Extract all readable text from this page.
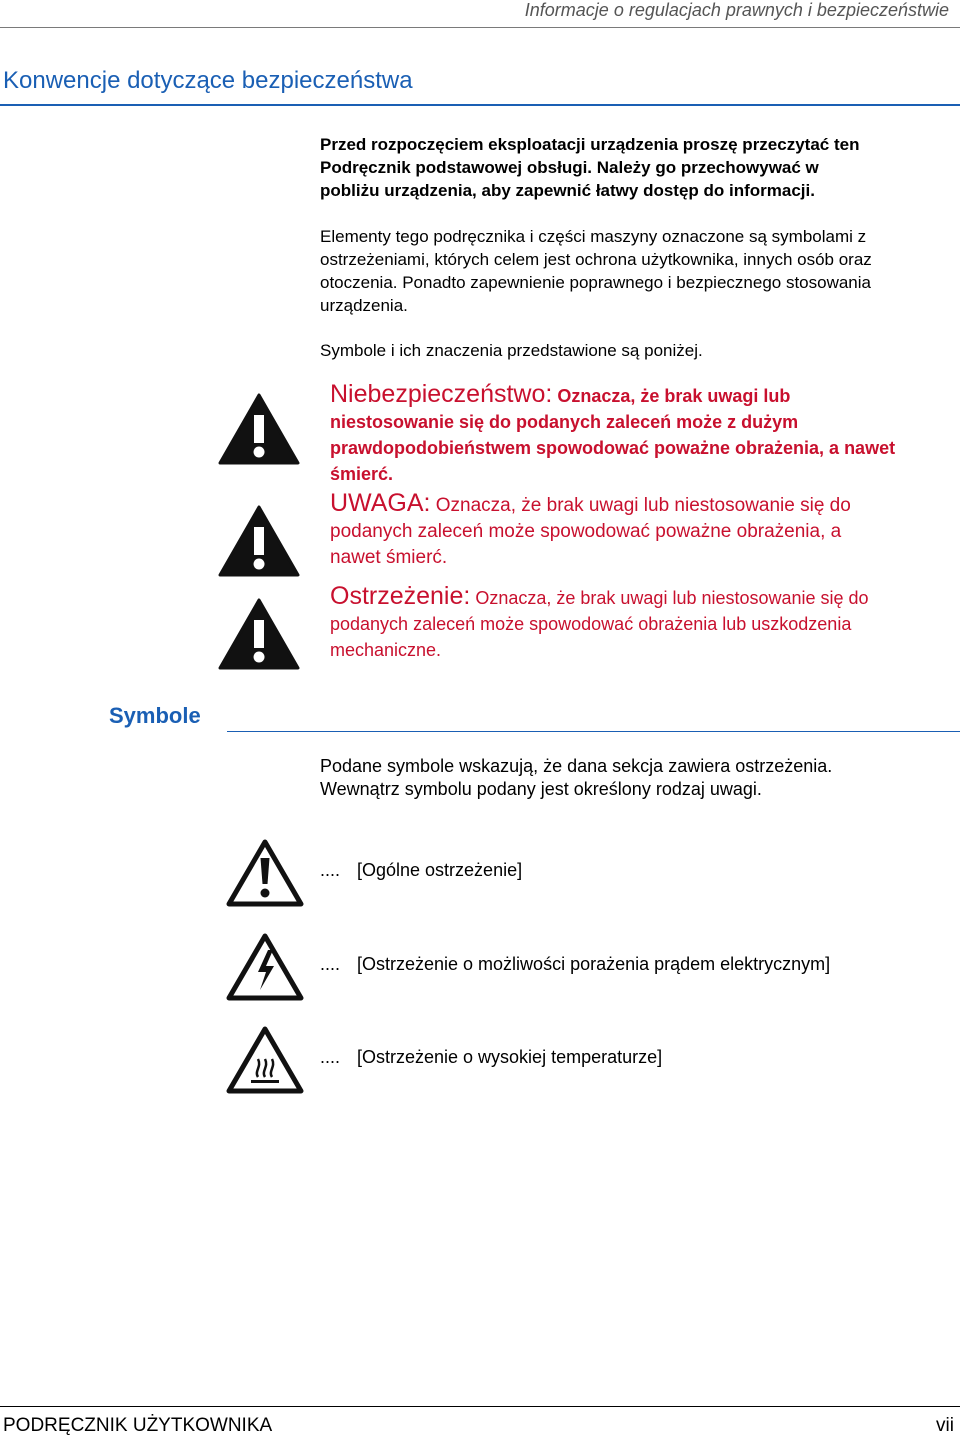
Informacje o regulacjach prawnych i bezpieczeństwie
Konwencje dotyczące bezpieczeństwa
Przed rozpoczęciem eksploatacji urządzenia proszę przeczytać ten
Podręcznik podstawowej obsługi. Należy go przechowywać w
pobliżu urządzenia, aby zapewnić łatwy dostęp do informacji.
Elementy tego podręcznika i części maszyny oznaczone są symbolami z
ostrzeżeniami, których celem jest ochrona użytkownika, innych osób oraz
otoczenia. Ponadto zapewnienie poprawnego i bezpiecznego stosowania
urządzenia.
Symbole i ich znaczenia przedstawione są poniżej.
Niebezpieczeństwo: Oznacza, że brak uwagi lub
niestosowanie się do podanych zaleceń może z dużym
prawdopodobieństwem spowodować poważne obrażenia, a nawet
śmierć.
UWAGA: Oznacza, że brak uwagi lub niestosowanie się do
podanych zaleceń może spowodować poważne obrażenia, a
nawet śmierć.
Ostrzeżenie: Oznacza, że brak uwagi lub niestosowanie się do
podanych zaleceń może spowodować obrażenia lub uszkodzenia
mechaniczne.
Symbole
Podane symbole wskazują, że dana sekcja zawiera ostrzeżenia.
Wewnątrz symbolu podany jest określony rodzaj uwagi.
.... [Ogólne ostrzeżenie]
.... [Ostrzeżenie o możliwości porażenia prądem elektrycznym]
.... [Ostrzeżenie o wysokiej temperaturze]
PODRĘCZNIK UŻYTKOWNIKA	vii
